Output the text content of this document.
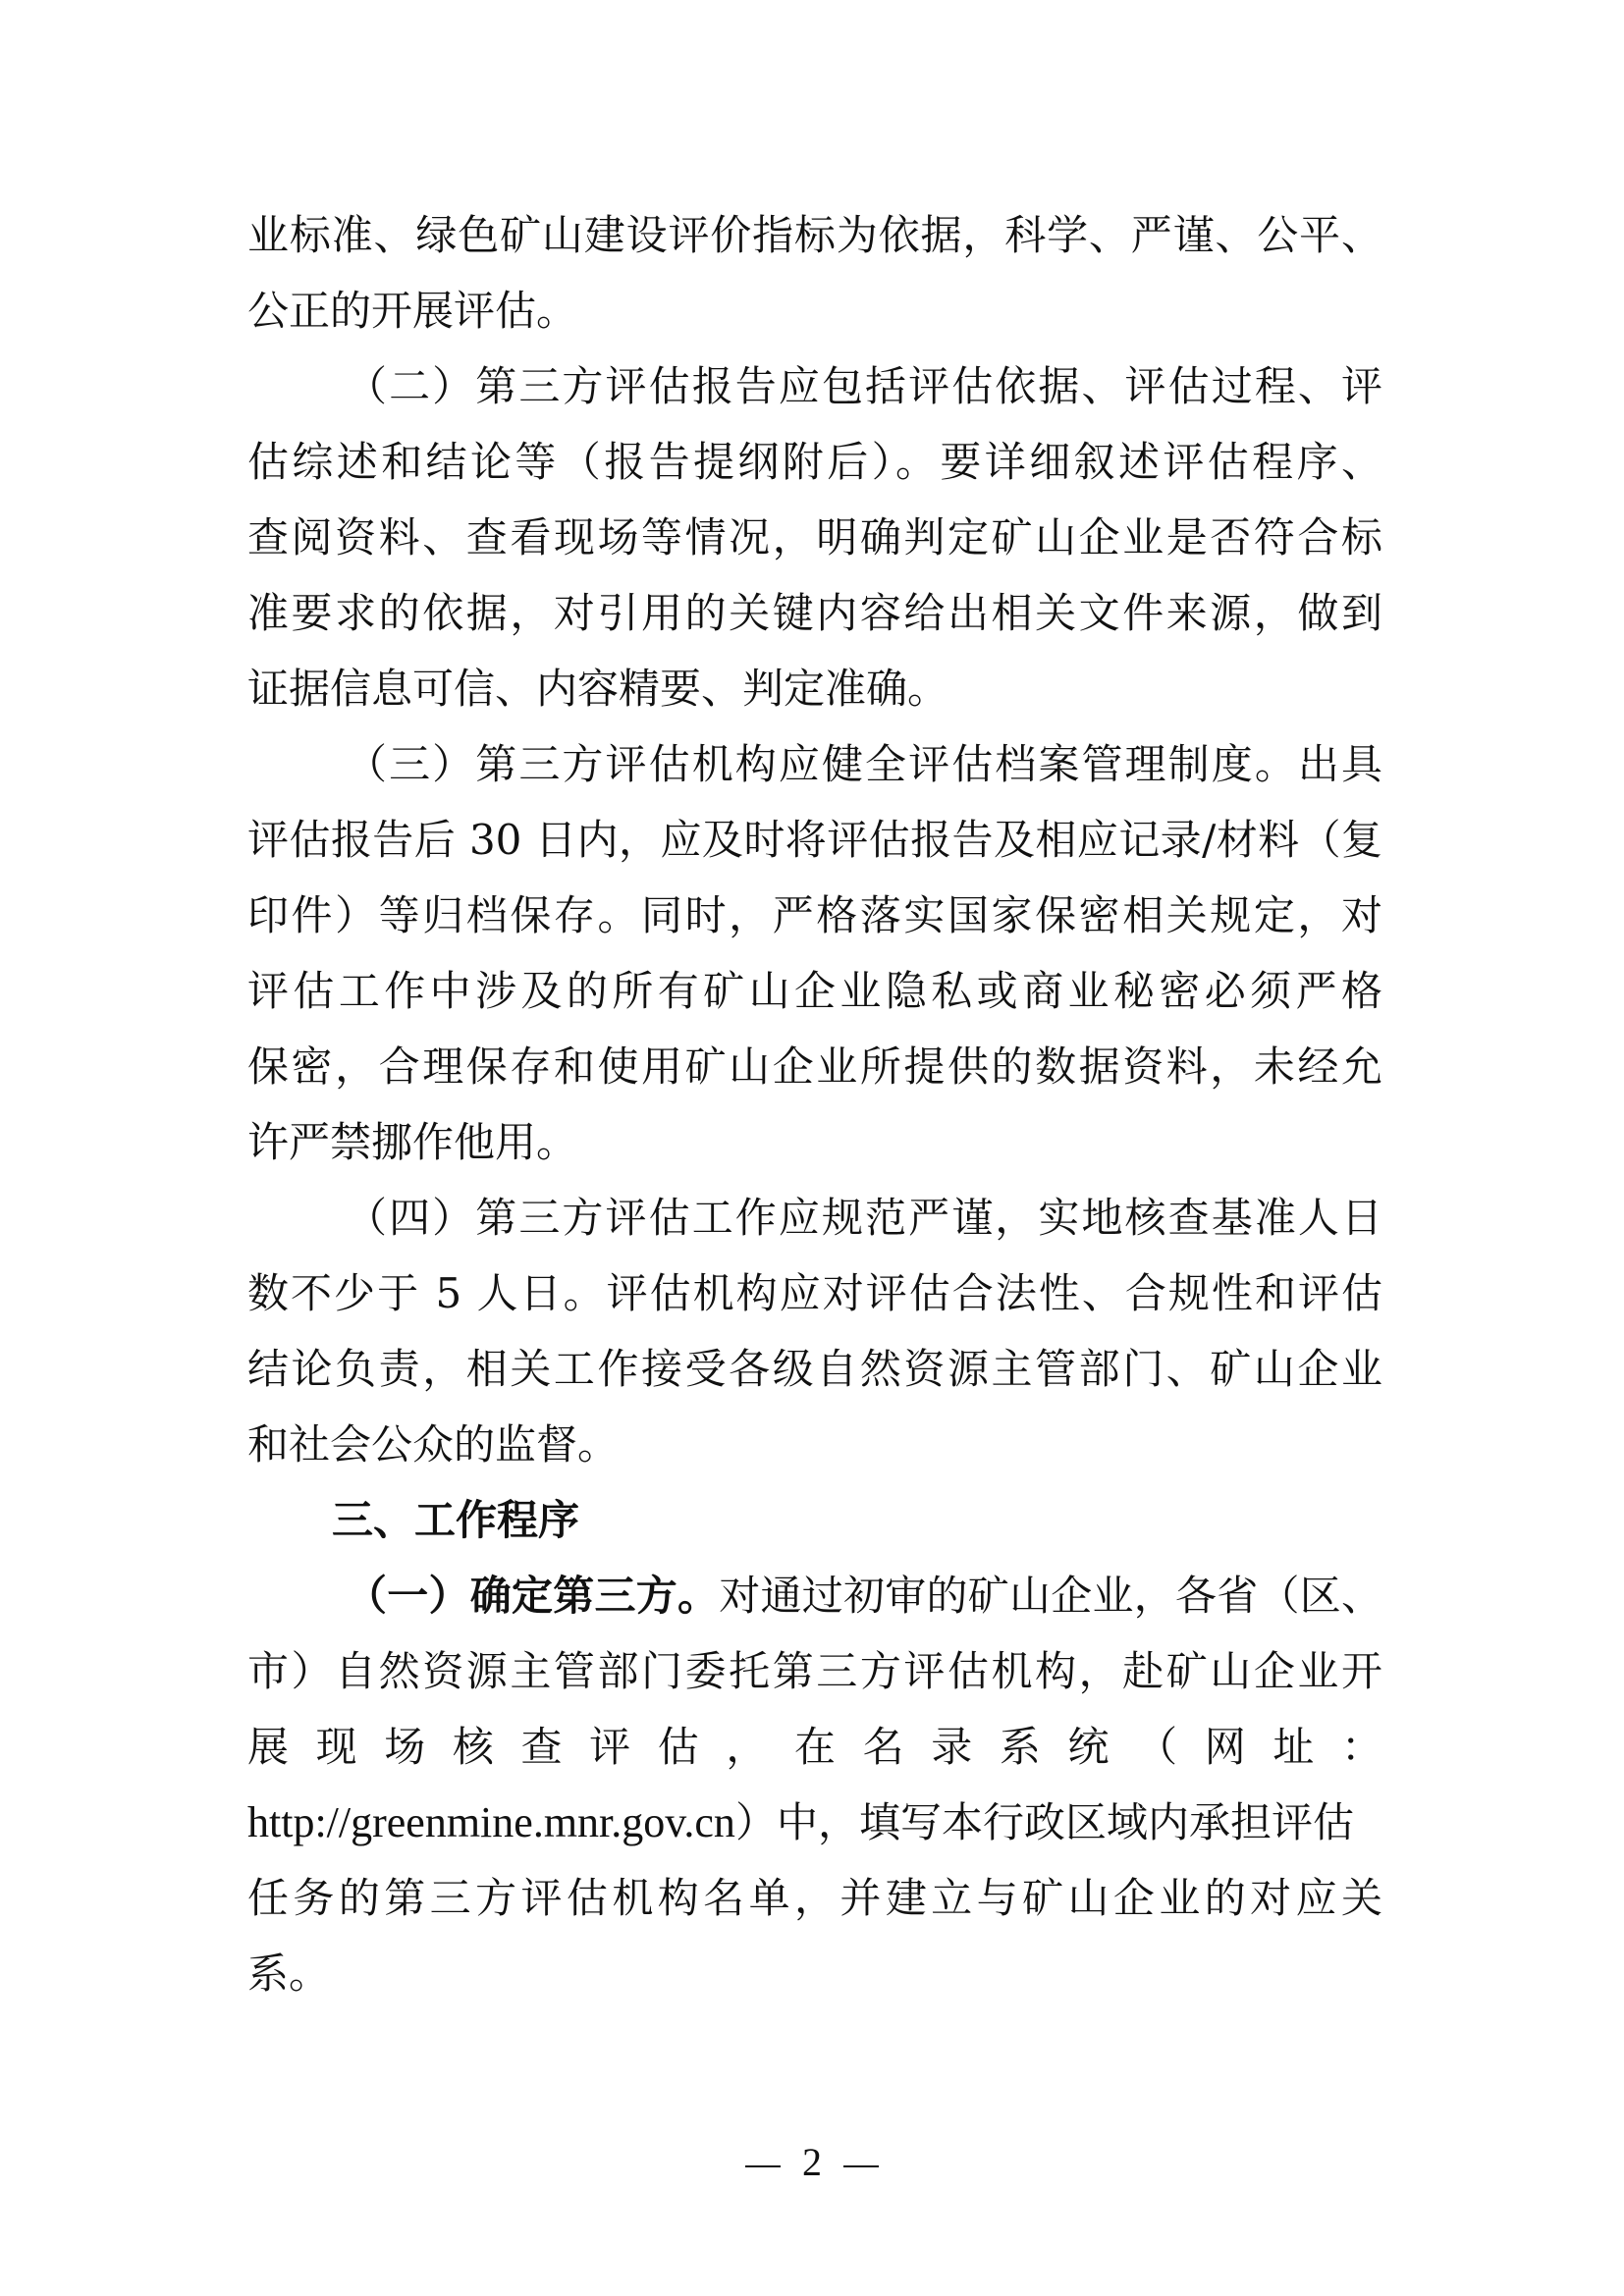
业标准、绿色矿山建设评价指标为依据，科学、严谨、公平、
公正的开展评估。
（二）第三方评估报告应包括评估依据、评估过程、评
估综述和结论等（报告提纲附后）。要详细叙述评估程序、
查阅资料、查看现场等情况，明确判定矿山企业是否符合标
准要求的依据，对引用的关键内容给出相关文件来源，做到
证据信息可信、内容精要、判定准确。
（三）第三方评估机构应健全评估档案管理制度。出具
评估报告后 30 日内，应及时将评估报告及相应记录/材料（复
印件）等归档保存。同时，严格落实国家保密相关规定，对
评估工作中涉及的所有矿山企业隐私或商业秘密必须严格
保密，合理保存和使用矿山企业所提供的数据资料，未经允
许严禁挪作他用。
（四）第三方评估工作应规范严谨，实地核查基准人日
数不少于 5 人日。评估机构应对评估合法性、合规性和评估
结论负责，相关工作接受各级自然资源主管部门、矿山企业
和社会公众的监督。
三、工作程序
（一）确定第三方。对通过初审的矿山企业，各省（区、
市）自然资源主管部门委托第三方评估机构，赴矿山企业开
展现场核查评估，在名录系统（网址：
http://greenmine.mnr.gov.cn）中，填写本行政区域内承担评估
任务的第三方评估机构名单，并建立与矿山企业的对应关
系。
2
